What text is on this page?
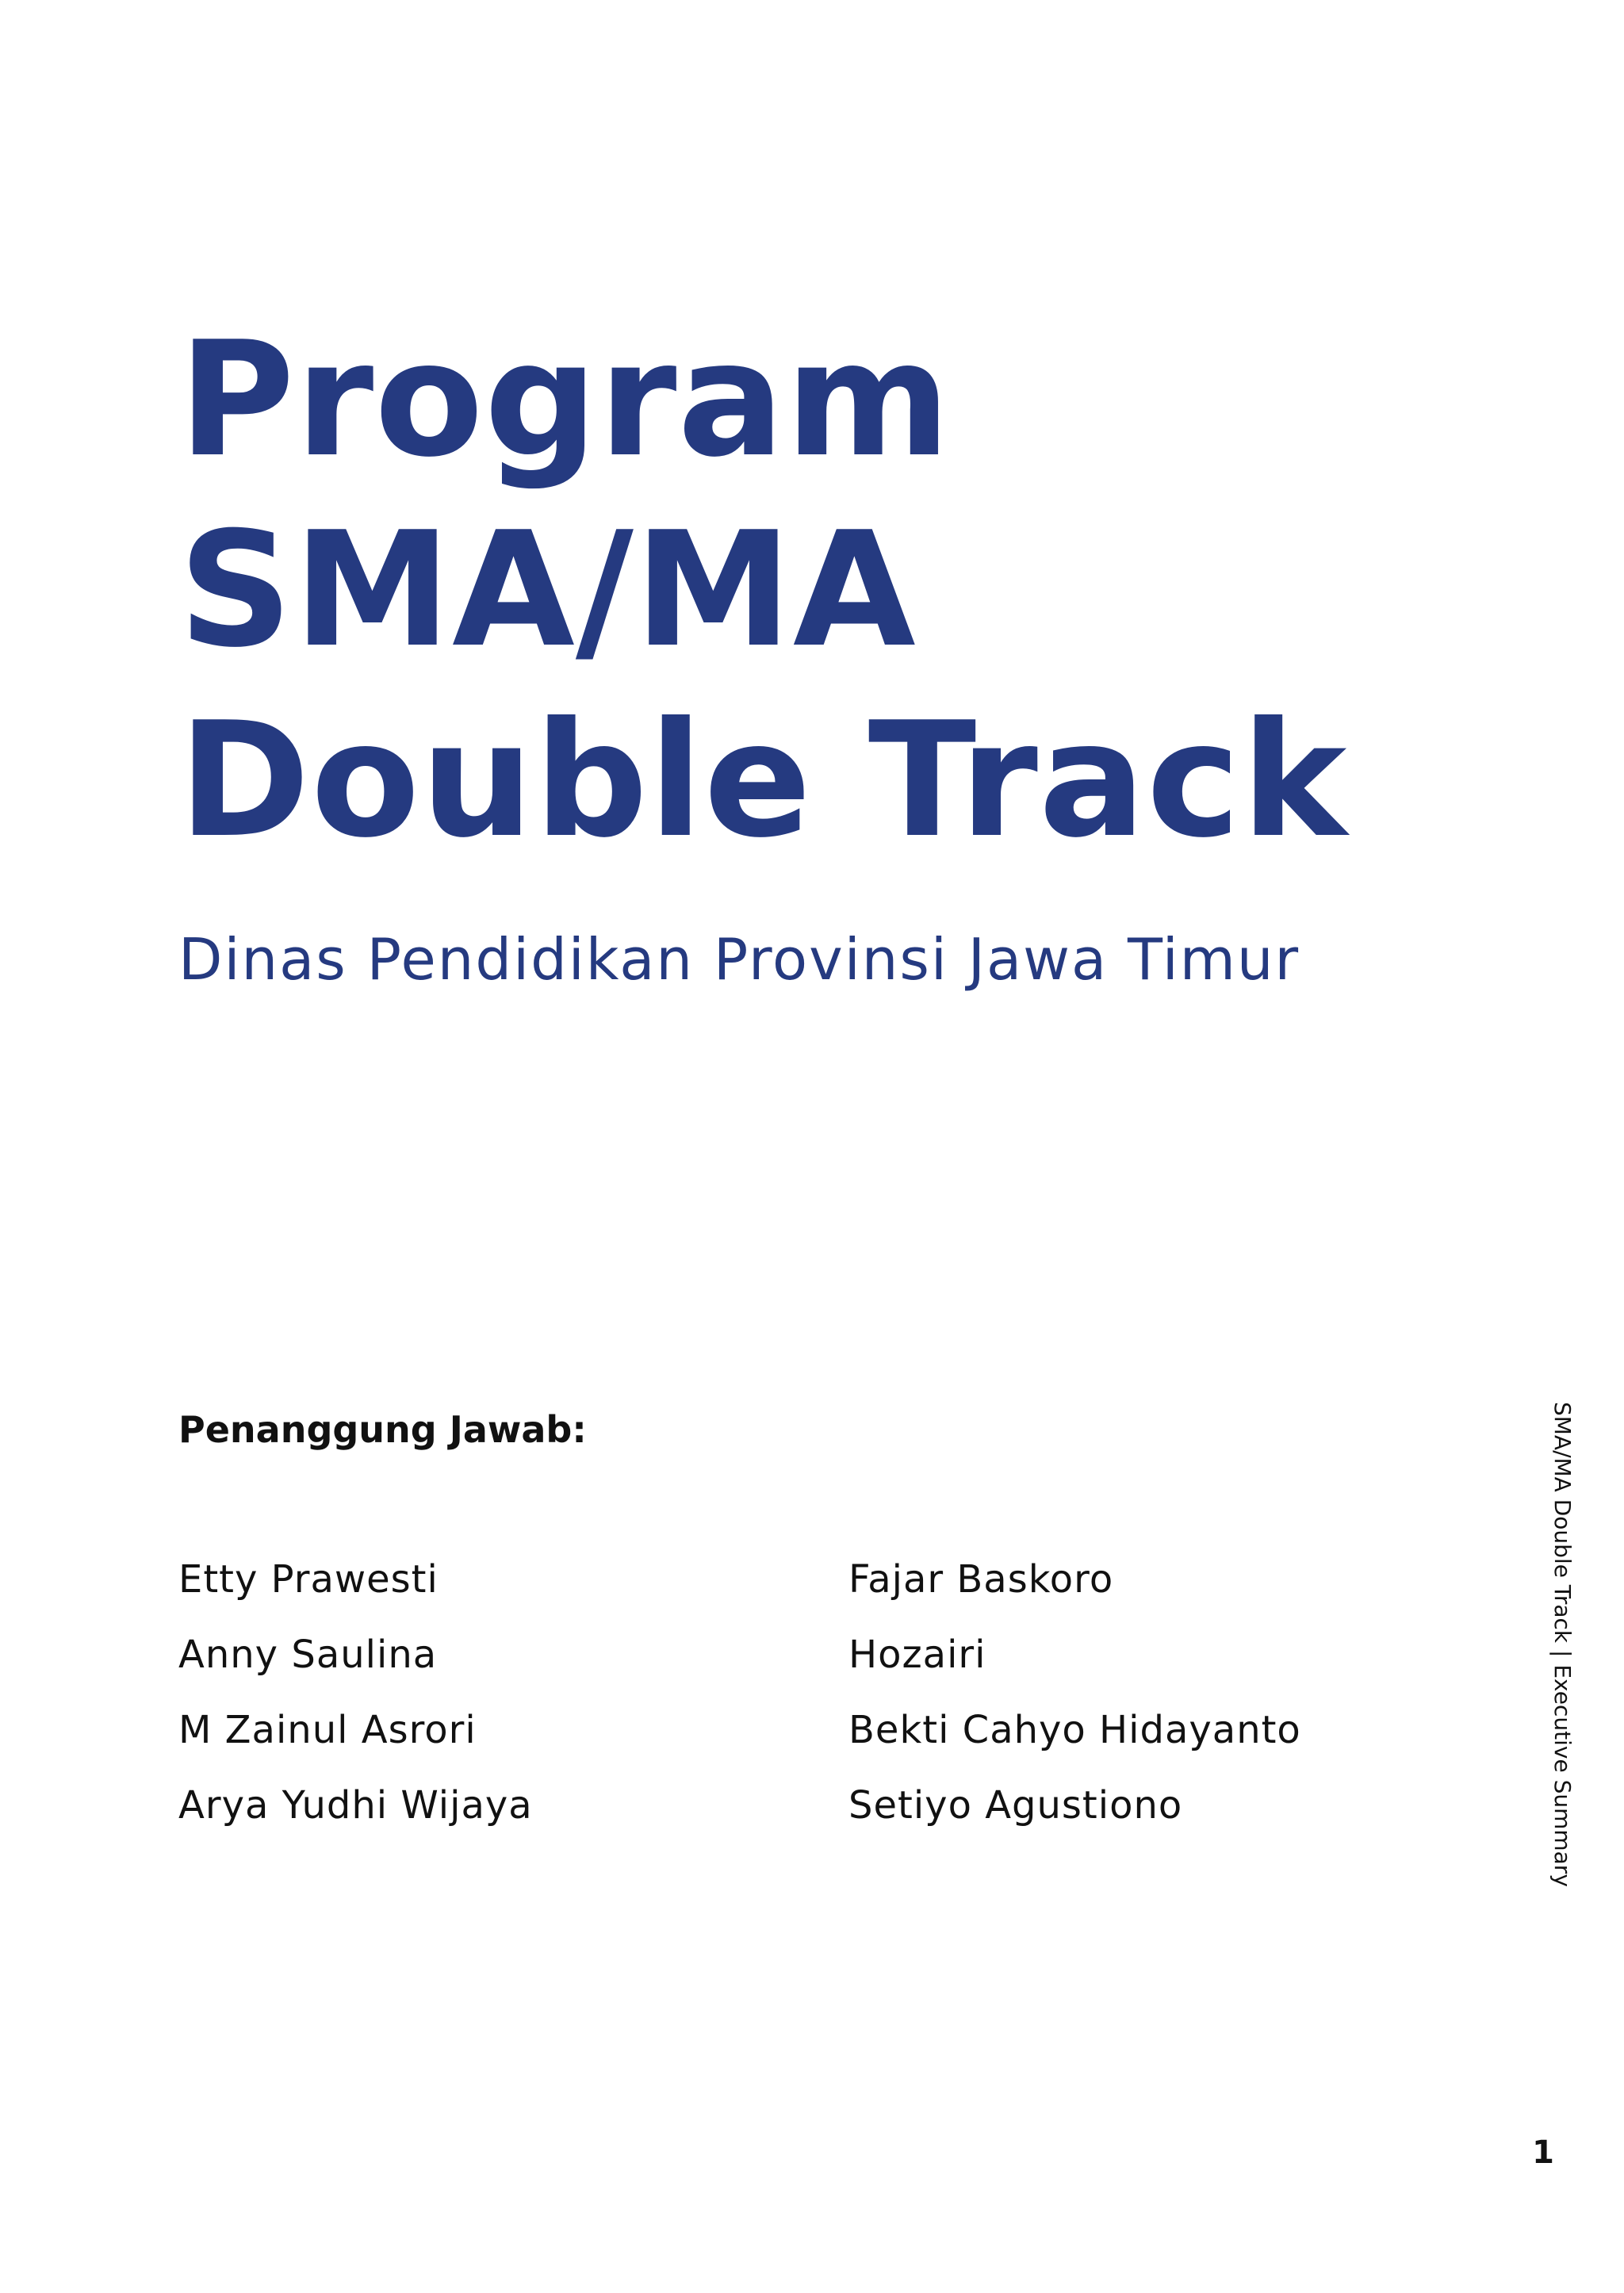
Program
SMA/MA
Double Track
Dinas Pendidikan Provinsi Jawa Timur
Penanggung Jawab:
Etty Prawesti
Anny Saulina
M Zainul Asrori
Arya Yudhi Wijaya
Fajar Baskoro
Hozairi
Bekti Cahyo Hidayanto
Setiyo Agustiono	SMA/MA Double Track | Executive Summary
1
